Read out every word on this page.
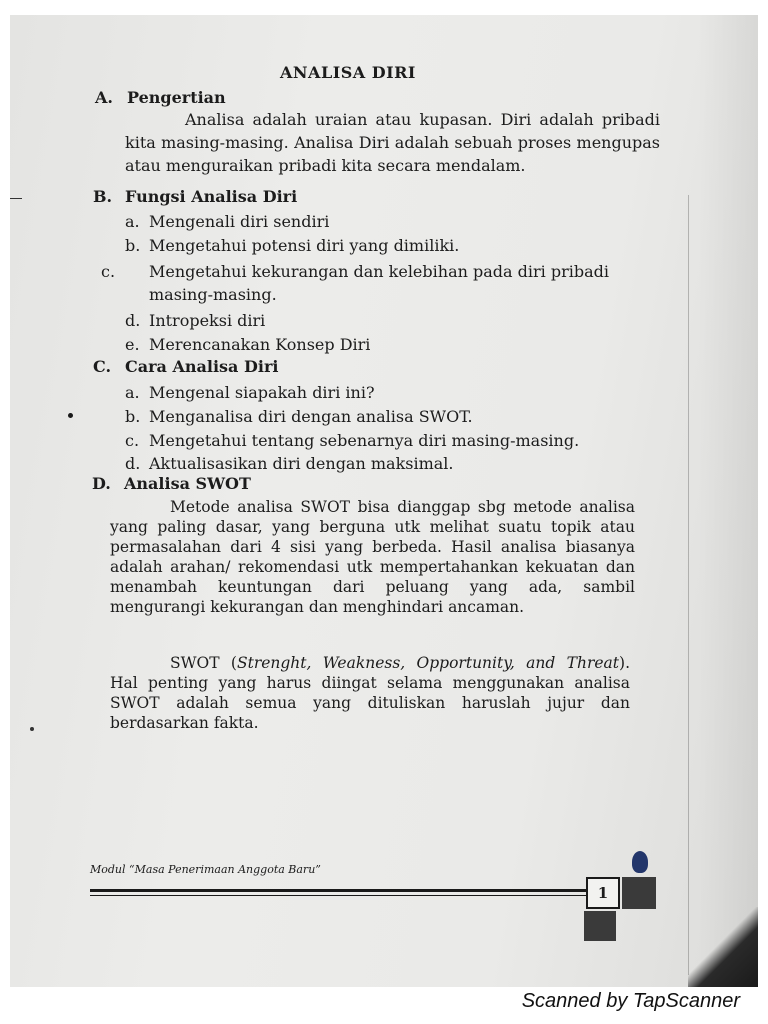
ANALISA DIRI
A. Pengertian
Analisa adalah uraian atau kupasan. Diri adalah pribadi kita masing-masing. Analisa Diri adalah sebuah proses mengupas atau menguraikan pribadi kita secara mendalam.
B. Fungsi Analisa Diri
a. Mengenali diri sendiri
b. Mengetahui potensi diri yang dimiliki.
c. Mengetahui kekurangan dan kelebihan pada diri pribadi masing-masing.
d. Intropeksi diri
e. Merencanakan Konsep Diri
C. Cara Analisa Diri
a. Mengenal siapakah diri ini?
b. Menganalisa diri dengan analisa SWOT.
c. Mengetahui tentang sebenarnya diri masing-masing.
d. Aktualisasikan diri dengan maksimal.
D. Analisa SWOT
Metode analisa SWOT bisa dianggap sbg metode analisa yang paling dasar, yang berguna utk melihat suatu topik atau permasalahan dari 4 sisi yang berbeda. Hasil analisa biasanya adalah arahan/ rekomendasi utk mempertahankan kekuatan dan menambah keuntungan dari peluang yang ada, sambil mengurangi kekurangan dan menghindari ancaman.
SWOT (Strenght, Weakness, Opportunity, and Threat). Hal penting yang harus diingat selama menggunakan analisa SWOT adalah semua yang dituliskan haruslah jujur dan berdasarkan fakta.
Modul “Masa Penerimaan Anggota Baru”
1
Scanned by TapScanner
